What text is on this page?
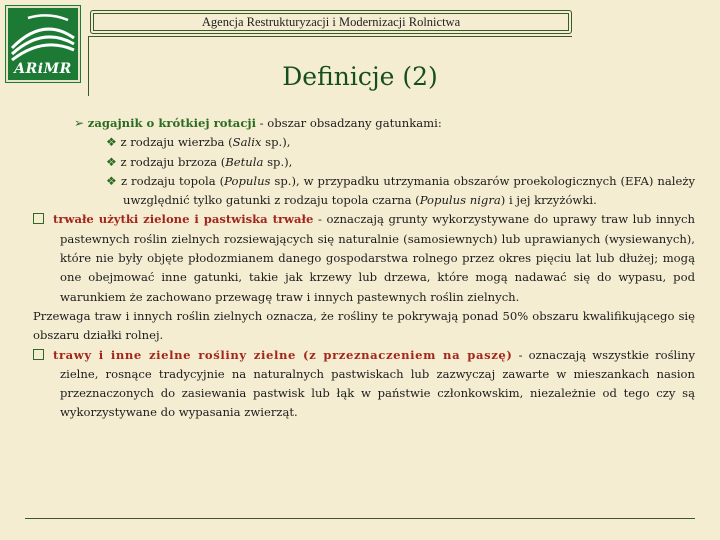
ARiMR
Agencja Restrukturyzacji i Modernizacji Rolnictwa
Definicje (2)

➢ zagajnik o krótkiej rotacji - obszar obsadzany gatunkami:

❖ z rodzaju wierzba (Salix sp.),

❖ z rodzaju brzoza (Betula sp.),

❖ z rodzaju topola (Populus sp.), w przypadku utrzymania obszarów proekologicznych (EFA) należy uwzględnić tylko gatunki z rodzaju topola czarna (Populus nigra) i jej krzyżówki.

trwałe użytki zielone i pastwiska trwałe - oznaczają grunty wykorzystywane do uprawy traw lub innych pastewnych roślin zielnych rozsiewających się naturalnie (samosiewnych) lub uprawianych (wysiewanych), które nie były objęte płodozmianem danego gospodarstwa rolnego przez okres pięciu lat lub dłużej; mogą one obejmować inne gatunki, takie jak krzewy lub drzewa, które mogą nadawać się do wypasu, pod warunkiem że zachowano przewagę traw i innych pastewnych roślin zielnych.

Przewaga traw i innych roślin zielnych oznacza, że rośliny te pokrywają ponad 50% obszaru kwalifikującego się obszaru działki rolnej.

trawy i inne zielne rośliny zielne (z przeznaczeniem na paszę) - oznaczają wszystkie rośliny zielne, rosnące tradycyjnie na naturalnych pastwiskach lub zazwyczaj zawarte w mieszankach nasion przeznaczonych do zasiewania pastwisk lub łąk w państwie członkowskim, niezależnie od tego czy są wykorzystywane do wypasania zwierząt.
